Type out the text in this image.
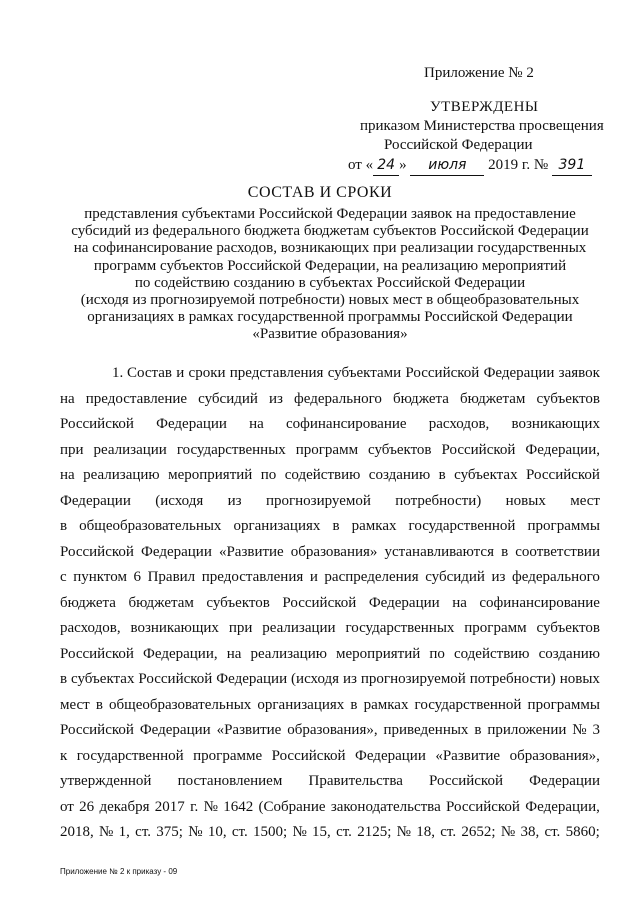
Приложение № 2
УТВЕРЖДЕНЫ
приказом Министерства просвещения
Российской Федерации
от « 24 » июля 2019 г. № 391
СОСТАВ И СРОКИ
представления субъектами Российской Федерации заявок на предоставление
субсидий из федерального бюджета бюджетам субъектов Российской Федерации
на софинансирование расходов, возникающих при реализации государственных
программ субъектов Российской Федерации, на реализацию мероприятий
по содействию созданию в субъектах Российской Федерации
(исходя из прогнозируемой потребности) новых мест в общеобразовательных
организациях в рамках государственной программы Российской Федерации
«Развитие образования»
1. Состав и сроки представления субъектами Российской Федерации заявок
на предоставление субсидий из федерального бюджета бюджетам субъектов
Российской Федерации на софинансирование расходов, возникающих
при реализации государственных программ субъектов Российской Федерации,
на реализацию мероприятий по содействию созданию в субъектах Российской
Федерации (исходя из прогнозируемой потребности) новых мест
в общеобразовательных организациях в рамках государственной программы
Российской Федерации «Развитие образования» устанавливаются в соответствии
с пунктом 6 Правил предоставления и распределения субсидий из федерального
бюджета бюджетам субъектов Российской Федерации на софинансирование
расходов, возникающих при реализации государственных программ субъектов
Российской Федерации, на реализацию мероприятий по содействию созданию
в субъектах Российской Федерации (исходя из прогнозируемой потребности) новых
мест в общеобразовательных организациях в рамках государственной программы
Российской Федерации «Развитие образования», приведенных в приложении № 3
к государственной программе Российской Федерации «Развитие образования»,
утвержденной постановлением Правительства Российской Федерации
от 26 декабря 2017 г. № 1642 (Собрание законодательства Российской Федерации,
2018, № 1, ст. 375; № 10, ст. 1500; № 15, ст. 2125; № 18, ст. 2652; № 38, ст. 5860;
Приложение № 2 к приказу - 09
